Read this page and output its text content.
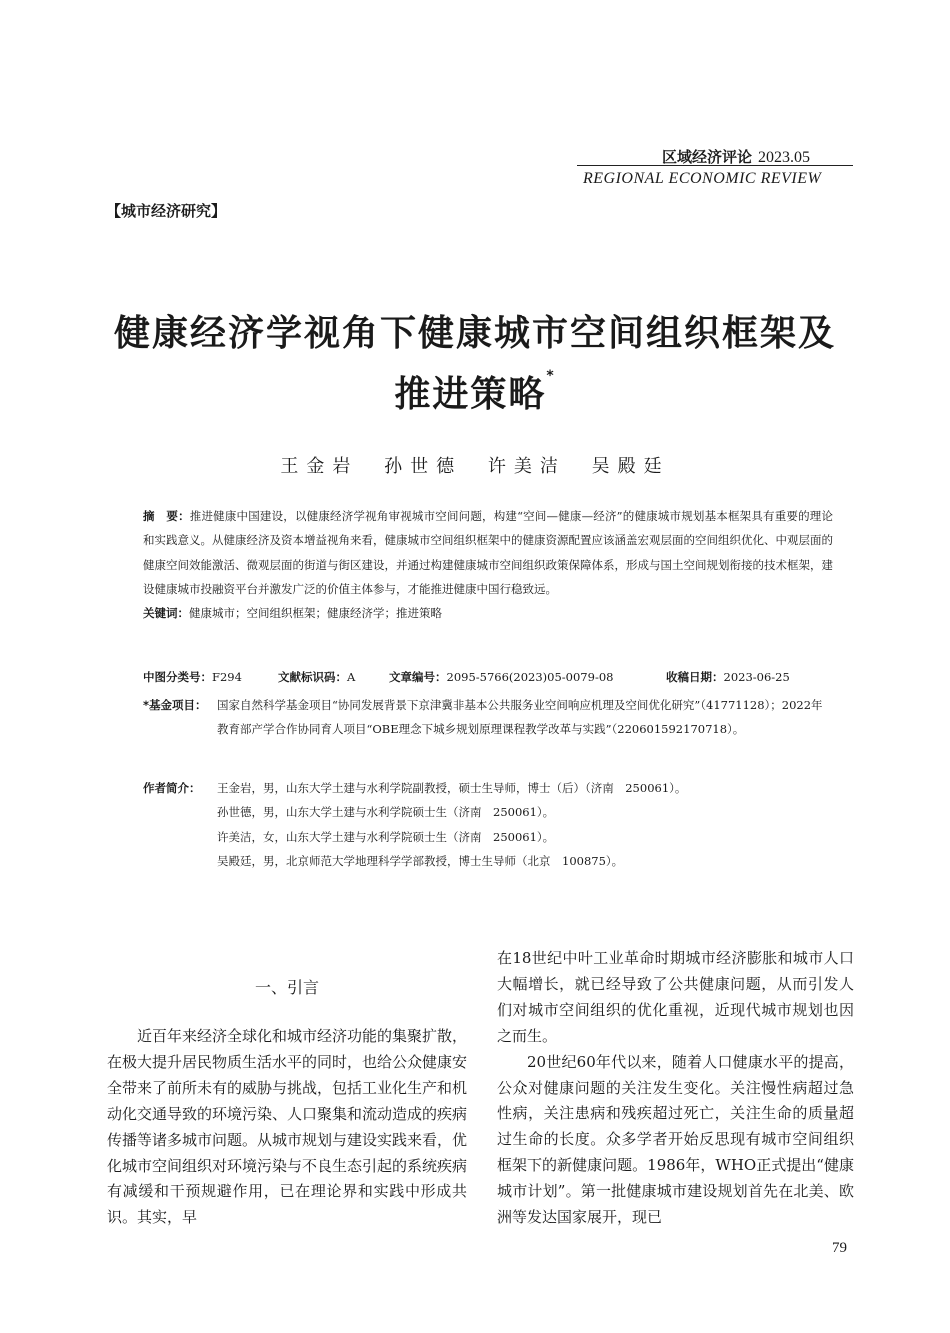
区域经济评论 2023.05
REGIONAL ECONOMIC REVIEW
【城市经济研究】
健康经济学视角下健康城市空间组织框架及
推进策略*
王金岩 孙世德 许美洁 吴殿廷
摘　要：推进健康中国建设，以健康经济学视角审视城市空间问题，构建“空间—健康—经济”的健康城市规划基本框架具有重要的理论和实践意义。从健康经济及资本增益视角来看，健康城市空间组织框架中的健康资源配置应该涵盖宏观层面的空间组织优化、中观层面的健康空间效能激活、微观层面的街道与街区建设，并通过构建健康城市空间组织政策保障体系，形成与国土空间规划衔接的技术框架，建设健康城市投融资平台并激发广泛的价值主体参与，才能推进健康中国行稳致远。
关键词：健康城市；空间组织框架；健康经济学；推进策略
中图分类号：F294	文献标识码：A	文章编号：2095-5766(2023)05-0079-08	收稿日期：2023-06-25
*基金项目： 国家自然科学基金项目“协同发展背景下京津冀非基本公共服务业空间响应机理及空间优化研究”（41771128）；2022年教育部产学合作协同育人项目“OBE理念下城乡规划原理课程教学改革与实践”（220601592170718）。
作者简介： 王金岩，男，山东大学土建与水利学院副教授，硕士生导师，博士（后）（济南　250061）。
孙世德，男，山东大学土建与水利学院硕士生（济南　250061）。
许美洁，女，山东大学土建与水利学院硕士生（济南　250061）。
吴殿廷，男，北京师范大学地理科学学部教授，博士生导师（北京　100875）。
一、引言

近百年来经济全球化和城市经济功能的集聚扩散，在极大提升居民物质生活水平的同时，也给公众健康安全带来了前所未有的威胁与挑战，包括工业化生产和机动化交通导致的环境污染、人口聚集和流动造成的疾病传播等诸多城市问题。从城市规划与建设实践来看，优化城市空间组织对环境污染与不良生态引起的系统疾病有减缓和干预规避作用，已在理论界和实践中形成共识。其实，早

在18世纪中叶工业革命时期城市经济膨胀和城市人口大幅增长，就已经导致了公共健康问题，从而引发人们对城市空间组织的优化重视，近现代城市规划也因之而生。

20世纪60年代以来，随着人口健康水平的提高，公众对健康问题的关注发生变化。关注慢性病超过急性病，关注患病和残疾超过死亡，关注生命的质量超过生命的长度。众多学者开始反思现有城市空间组织框架下的新健康问题。1986年，WHO正式提出“健康城市计划”。第一批健康城市建设规划首先在北美、欧洲等发达国家展开，现已

79
